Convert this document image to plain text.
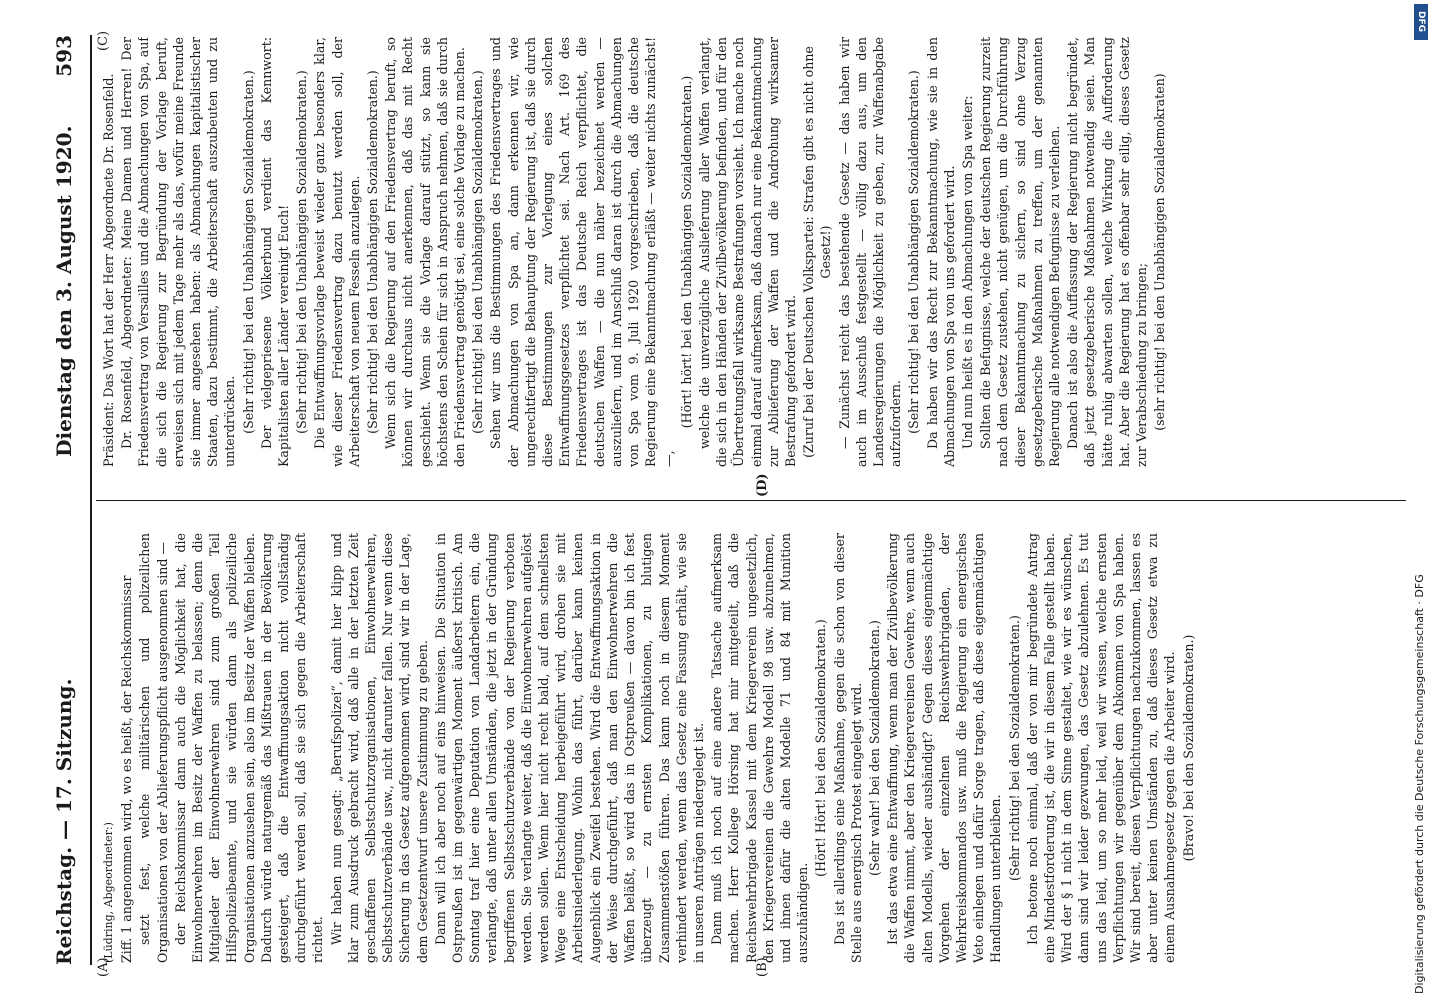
Reichstag. — 17. Sitzung.
Dienstag den 3. August 1920.       593
(A)	(B)
(C)
(D)

(Lüdring, Abgeordneter:) Ziff. 1 angenommen wird, wo es heißt, der Reichskommissar setzt fest, welche militärischen und polizeilichen Organisationen von der Ablieferungspflicht ausgenommen sind — der Reichskommissar dann auch die Möglichkeit hat, die Einwohnerwehren im Besitz der Waffen zu belassen; denn die Mitglieder der Einwohnerwehren sind zum großen Teil Hilfspolizeibeamte, und sie würden dann als polizeiliche Organisationen anzusehen sein, also im Besitz der Waffen bleiben. Dadurch würde naturgemäß das Mißtrauen in der Bevölkerung gesteigert, daß die Entwaffnungsaktion nicht vollständig durchgeführt werden soll, daß sie sich gegen die Arbeiterschaft richtet. Wir haben nun gesagt: „Berufspolizei“, damit hier klipp und klar zum Ausdruck gebracht wird, daß alle in der letzten Zeit geschaffenen Selbstschutzorganisationen, Einwohnerwehren, Selbstschutzverbände usw., nicht darunter fallen. Nur wenn diese Sicherung in das Gesetz aufgenommen wird, sind wir in der Lage, dem Gesetzentwurf unsere Zustimmung zu geben. Dann will ich aber noch auf eins hinweisen. Die Situation in Ostpreußen ist im gegenwärtigen Moment äußerst kritisch. Am Sonntag traf hier eine Deputation von Landarbeitern ein, die verlangte, daß unter allen Umständen, die jetzt in der Gründung begriffenen Selbstschutzverbände von der Regierung verboten werden. Sie verlangte weiter, daß die Einwohnerwehren aufgelöst werden sollen. Wenn hier nicht recht bald, auf dem schnellsten Wege eine Entscheidung herbeigeführt wird, drohen sie mit Arbeitsniederlegung. Wohin das führt, darüber kann keinen Augenblick ein Zweifel bestehen. Wird die Entwaffnungsaktion in der Weise durchgeführt, daß man den Einwohnerwehren die Waffen beläßt, so wird das in Ostpreußen — davon bin ich fest überzeugt — zu ernsten Komplikationen, zu blutigen Zusammenstößen führen. Das kann noch in diesem Moment verhindert werden, wenn das Gesetz eine Fassung erhält, wie sie in unseren Anträgen niedergelegt ist. Dann muß ich noch auf eine andere Tatsache aufmerksam machen. Herr Kollege Hörsing hat mir mitgeteilt, daß die Reichswehrbrigade Kassel mit dem Kriegerverein ungesetzlich, den Kriegervereinen die Gewehre Modell 98 usw. abzunehmen, und ihnen dafür die alten Modelle 71 und 84 mit Munition auszuhändigen.

(Hört! Hört! bei den Sozialdemokraten.) Das ist allerdings eine Maßnahme, gegen die schon von dieser Stelle aus energisch Protest eingelegt wird. (Sehr wahr! bei den Sozialdemokraten.) Ist das etwa eine Entwaffnung, wenn man der Zivilbevölkerung die Waffen nimmt, aber den Kriegervereinen Gewehre, wenn auch alten Modells, wieder aushändigt? Gegen dieses eigenmächtige Vorgehen der einzelnen Reichswehrbrigaden, der Wehrkreiskommandos usw. muß die Regierung ein energisches Veto einlegen und dafür Sorge tragen, daß diese eigenmächtigen Handlungen unterbleiben. (Sehr richtig! bei den Sozialdemokraten.) Ich betone noch einmal, daß der von mir begründete Antrag eine Mindestforderung ist, die wir in diesem Falle gestellt haben. Wird der § 1 nicht in dem Sinne gestaltet, wie wir es wünschen, dann sind wir leider gezwungen, das Gesetz abzulehnen. Es tut uns das leid, um so mehr leid, weil wir wissen, welche ernsten Verpflichtungen wir gegenüber dem Abkommen von Spa haben. Wir sind bereit, diesen Verpflichtungen nachzukommen, lassen es aber unter keinen Umständen zu, daß dieses Gesetz etwa zu einem Ausnahmegesetz gegen die Arbeiter wird. (Bravo! bei den Sozialdemokraten.)

Präsident: Das Wort hat der Herr Abgeordnete Dr. Rosenfeld. Dr. Rosenfeld, Abgeordneter: Meine Damen und Herren! Der Friedensvertrag von Versailles und die Abmachungen von Spa, auf die sich die Regierung zur Begründung der Vorlage beruft, erweisen sich mit jedem Tage mehr als das, wofür meine Freunde sie immer angesehen haben: als Abmachungen kapitalistischer Staaten, dazu bestimmt, die Arbeiterschaft auszubeuten und zu unterdrücken. (Sehr richtig! bei den Unabhängigen Sozialdemokraten.) Der vielgepriesene Völkerbund verdient das Kennwort: Kapitalisten aller Länder vereinigt Euch! (Sehr richtig! bei den Unabhängigen Sozialdemokraten.) Die Entwaffnungsvorlage beweist wieder ganz besonders klar, wie dieser Friedensvertrag dazu benutzt werden soll, der Arbeiterschaft von neuem Fesseln anzulegen. (Sehr richtig! bei den Unabhängigen Sozialdemokraten.) Wenn sich die Regierung auf den Friedensvertrag beruft, so können wir durchaus nicht anerkennen, daß das mit Recht geschieht. Wenn sie die Vorlage darauf stützt, so kann sie höchstens den Schein für sich in Anspruch nehmen, daß sie durch den Friedensvertrag genötigt sei, eine solche Vorlage zu machen. (Sehr richtig! bei den Unabhängigen Sozialdemokraten.) Sehen wir uns die Bestimmungen des Friedensvertrages und der Abmachungen von Spa an, dann erkennen wir, wie ungerechtfertigt die Behauptung der Regierung ist, daß sie durch diese Bestimmungen zur Vorlegung eines solchen Entwaffnungsgesetzes verpflichtet sei. Nach Art. 169 des Friedensvertrages ist das Deutsche Reich verpflichtet, die deutschen Waffen — die nun näher bezeichnet werden — auszuliefern, und im Anschluß daran ist durch die Abmachungen von Spa vom 9. Juli 1920 vorgeschrieben, daß die deutsche Regierung eine Bekanntmachung erläßt — weiter nichts zunächst! —,

(Hört! hört! bei den Unabhängigen Sozialdemokraten.) welche die unverzügliche Auslieferung aller Waffen verlangt, die sich in den Händen der Zivilbevölkerung befinden, und für den Übertretungsfall wirksame Bestrafungen vorsieht. Ich mache noch einmal darauf aufmerksam, daß danach nur eine Bekanntmachung zur Ablieferung der Waffen und die Androhung wirksamer Bestrafung gefordert wird. (Zuruf bei der Deutschen Volkspartei: Strafen gibt es nicht ohne Gesetz!) — Zunächst reicht das bestehende Gesetz — das haben wir auch im Ausschuß festgestellt — völlig dazu aus, um den Landesregierungen die Möglichkeit zu geben, zur Waffenabgabe aufzufordern. (Sehr richtig! bei den Unabhängigen Sozialdemokraten.) Da haben wir das Recht zur Bekanntmachung, wie sie in den Abmachungen von Spa von uns gefordert wird. Und nun heißt es in den Abmachungen von Spa weiter: Sollten die Befugnisse, welche der deutschen Regierung zurzeit nach dem Gesetz zustehen, nicht genügen, um die Durchführung dieser Bekanntmachung zu sichern, so sind ohne Verzug gesetzgeberische Maßnahmen zu treffen, um der genannten Regierung alle notwendigen Befugnisse zu verleihen. Danach ist also die Auffassung der Regierung nicht begründet, daß jetzt gesetzgeberische Maßnahmen notwendig seien. Man hätte ruhig abwarten sollen, welche Wirkung die Aufforderung hat. Aber die Regierung hat es offenbar sehr eilig, dieses Gesetz zur Verabschiedung zu bringen; (sehr richtig! bei den Unabhängigen Sozialdemokraten)

DFG
Digitalisierung gefördert durch die Deutsche Forschungsgemeinschaft · DFG
